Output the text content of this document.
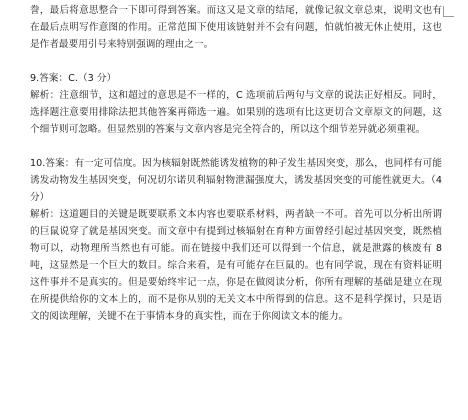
誊，最后将意思整合一下即可得到答案。而这又是文章的结尾，就像记叙文章总束，说明文也有在最后点明写作意图的作用。正常范围下使用该链射并不会有问题，怕就怕被无休止使用，这也是作者最要用引号来特别强调的理由之一。

9.答案：C.（3 分）

解析：注意细节，这和超过的意思是不一样的，C 选项前后两句与文章的说法正好相反。同时，选择题注意要用排除法把其他答案再筛选一遍。如果别的选项有比这更切合文章原文的问题，这个细节则可忽略。但显然别的答案与文章内容是完全符合的，所以这个细节差异就必须重视。

10.答案：有一定可信度。因为核辐射既然能诱发植物的种子发生基因突变，那么，也同样有可能诱发动物发生基因突变，何况切尔诺贝利辐射物泄漏强度大，诱发基因突变的可能性就更大。（4 分）

解析：这道题目的关键是既要联系文本内容也要联系材料，两者缺一不可。首先可以分析出所谓的巨鼠说穿了就是基因突变。而文章中有提到过核辐射在育种方面曾经引起过基因突变，既然植物可以，动物理所当然也有可能。而在链接中我们还可以得到一个信息，就是泄露的核废有 8 吨，这显然是一个巨大的数目。综合来看，是有可能存在巨鼠的。也有同学说，现在有资料证明这件事并不是真实的。但是要始终牢记一点，你是在做阅读分析，你所有理解的基础是建立在现在所提供给你的文本上的，而不是你从别的无关文本中所得到的信息。这不是科学探讨，只是语文的阅读理解，关键不在于事情本身的真实性，而在于你阅读文本的能力。
